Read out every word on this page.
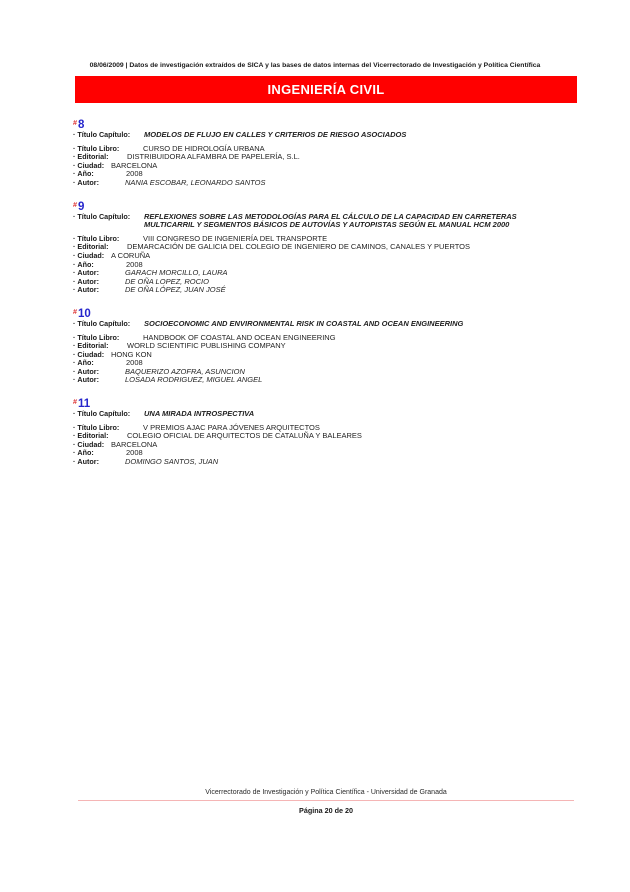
08/06/2009 | Datos de investigación extraídos de SICA y las bases de datos internas del Vicerrectorado de Investigación y Política Científica
INGENIERÍA CIVIL
#8
· Título Capítulo: MODELOS DE FLUJO EN CALLES Y CRITERIOS DE RIESGO ASOCIADOS
· Título Libro:	CURSO DE HIDROLOGÍA URBANA
· Editorial: DISTRIBUIDORA ALFAMBRA DE PAPELERÍA, S.L.
· Ciudad: BARCELONA
· Año:	2008
· Autor:	NANIA ESCOBAR, LEONARDO SANTOS
#9
· Título Capítulo: REFLEXIONES SOBRE LAS METODOLOGÍAS PARA EL CÁLCULO DE LA CAPACIDAD EN CARRETERAS MULTICARRIL Y SEGMENTOS BÁSICOS DE AUTOVÍAS Y AUTOPISTAS SEGÚN EL MANUAL HCM 2000
· Título Libro:	VIII CONGRESO DE INGENIERÍA DEL TRANSPORTE
· Editorial: DEMARCACIÓN DE GALICIA DEL COLEGIO DE INGENIERO DE CAMINOS, CANALES Y PUERTOS
· Ciudad: A CORUÑA
· Año:	2008
· Autor:	GARACH MORCILLO, LAURA
· Autor:	DE OÑA LOPEZ, ROCIO
· Autor:	DE OÑA LÓPEZ, JUAN JOSÉ
#10
· Título Capítulo: SOCIOECONOMIC AND ENVIRONMENTAL RISK IN COASTAL AND OCEAN ENGINEERING
· Título Libro:	HANDBOOK OF COASTAL AND OCEAN ENGINEERING
· Editorial: WORLD SCIENTIFIC PUBLISHING COMPANY
· Ciudad: HONG KON
· Año:	2008
· Autor:	BAQUERIZO AZOFRA, ASUNCION
· Autor:	LOSADA RODRIGUEZ, MIGUEL ANGEL
#11
· Título Capítulo: UNA MIRADA INTROSPECTIVA
· Título Libro:	V PREMIOS AJAC PARA JÓVENES ARQUITECTOS
· Editorial: COLEGIO OFICIAL DE ARQUITECTOS DE CATALUÑA Y BALEARES
· Ciudad: BARCELONA
· Año:	2008
· Autor:	DOMINGO SANTOS, JUAN
Vicerrectorado de Investigación y Política Científica - Universidad de Granada
Página 20 de 20
